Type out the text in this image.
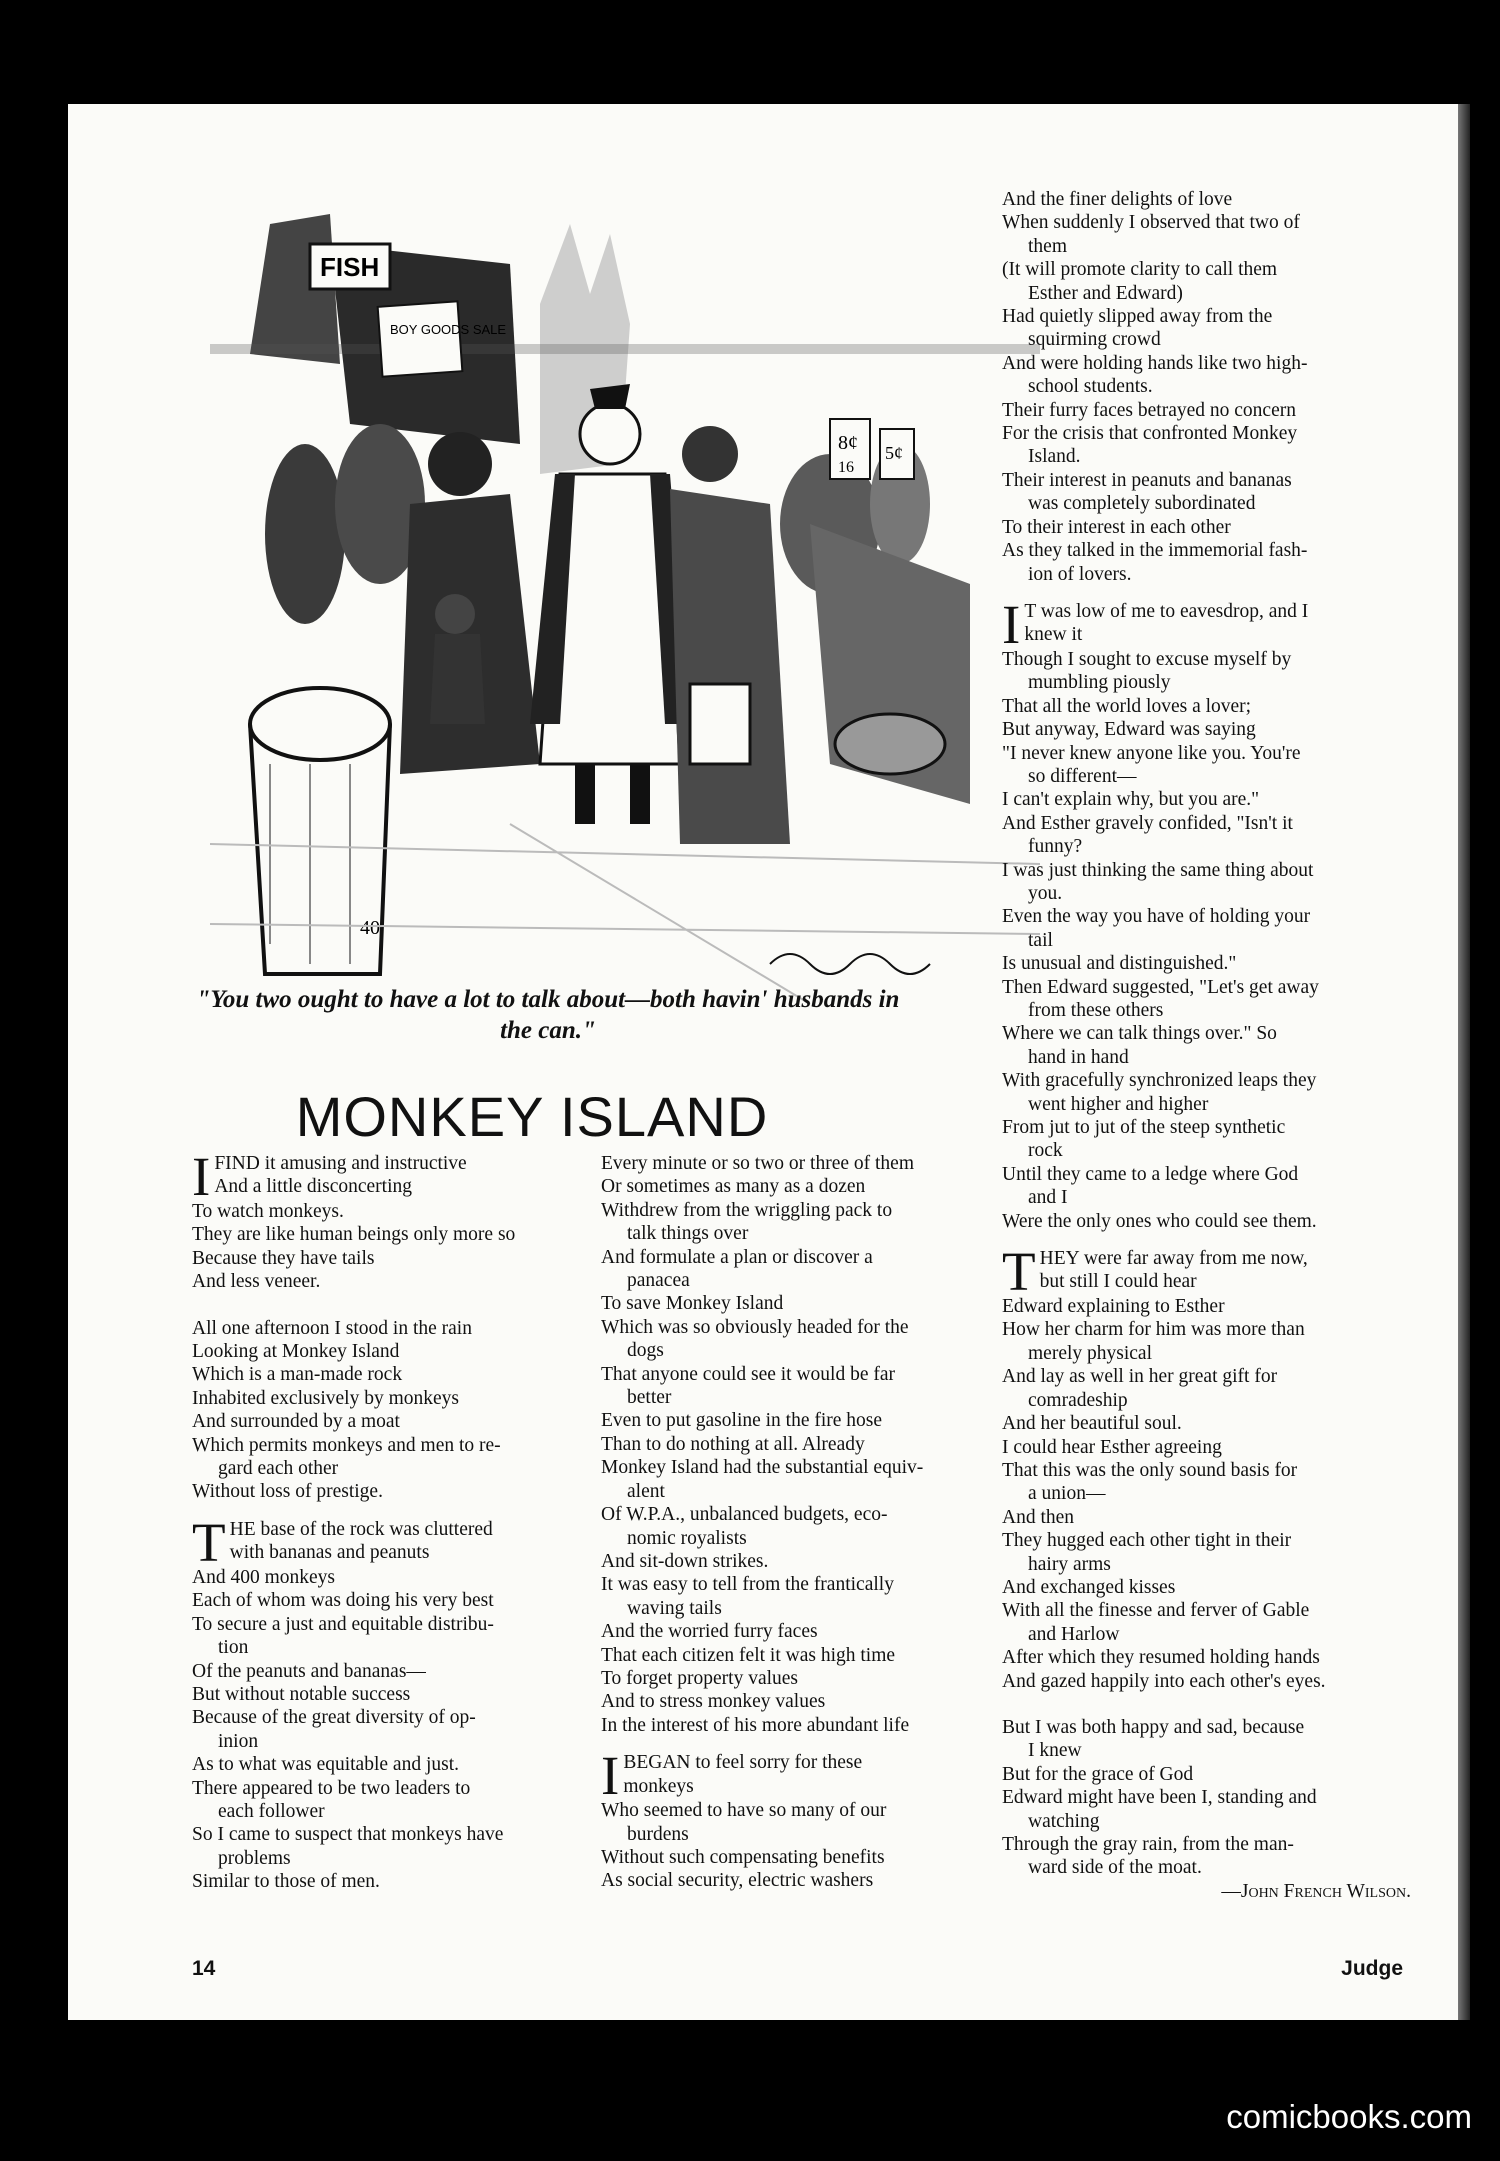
FISH
BOY GOODS SALE
40
8¢
16
5¢
"You two ought to have a lot to talk about—both havin' husbands in the can."
MONKEY ISLAND
I FIND it amusing and instructive
And a little disconcerting
To watch monkeys.
They are like human beings only more so
Because they have tails
And less veneer.
All one afternoon I stood in the rain
Looking at Monkey Island
Which is a man-made rock
Inhabited exclusively by monkeys
And surrounded by a moat
Which permits monkeys and men to re-
gard each other
Without loss of prestige.
T HE base of the rock was cluttered
with bananas and peanuts
And 400 monkeys
Each of whom was doing his very best
To secure a just and equitable distribu-
tion
Of the peanuts and bananas—
But without notable success
Because of the great diversity of op-
inion
As to what was equitable and just.
There appeared to be two leaders to
each follower
So I came to suspect that monkeys have
problems
Similar to those of men.
Every minute or so two or three of them
Or sometimes as many as a dozen
Withdrew from the wriggling pack to
talk things over
And formulate a plan or discover a
panacea
To save Monkey Island
Which was so obviously headed for the
dogs
That anyone could see it would be far
better
Even to put gasoline in the fire hose
Than to do nothing at all. Already
Monkey Island had the substantial equiv-
alent
Of W.P.A., unbalanced budgets, eco-
nomic royalists
And sit-down strikes.
It was easy to tell from the frantically
waving tails
And the worried furry faces
That each citizen felt it was high time
To forget property values
And to stress monkey values
In the interest of his more abundant life
I BEGAN to feel sorry for these
monkeys
Who seemed to have so many of our
burdens
Without such compensating benefits
As social security, electric washers
And the finer delights of love
When suddenly I observed that two of
them
(It will promote clarity to call them
Esther and Edward)
Had quietly slipped away from the
squirming crowd
And were holding hands like two high-
school students.
Their furry faces betrayed no concern
For the crisis that confronted Monkey
Island.
Their interest in peanuts and bananas
was completely subordinated
To their interest in each other
As they talked in the immemorial fash-
ion of lovers.
I T was low of me to eavesdrop, and I
knew it
Though I sought to excuse myself by
mumbling piously
That all the world loves a lover;
But anyway, Edward was saying
"I never knew anyone like you. You're
so different—
I can't explain why, but you are."
And Esther gravely confided, "Isn't it
funny?
I was just thinking the same thing about
you.
Even the way you have of holding your
tail
Is unusual and distinguished."
Then Edward suggested, "Let's get away
from these others
Where we can talk things over." So
hand in hand
With gracefully synchronized leaps they
went higher and higher
From jut to jut of the steep synthetic
rock
Until they came to a ledge where God
and I
Were the only ones who could see them.
T HEY were far away from me now,
but still I could hear
Edward explaining to Esther
How her charm for him was more than
merely physical
And lay as well in her great gift for
comradeship
And her beautiful soul.
I could hear Esther agreeing
That this was the only sound basis for
a union—
And then
They hugged each other tight in their
hairy arms
And exchanged kisses
With all the finesse and ferver of Gable
and Harlow
After which they resumed holding hands
And gazed happily into each other's eyes.
But I was both happy and sad, because
I knew
But for the grace of God
Edward might have been I, standing and
watching
Through the gray rain, from the man-
ward side of the moat.
—John French Wilson.
14	Judge
comicbooks.com
